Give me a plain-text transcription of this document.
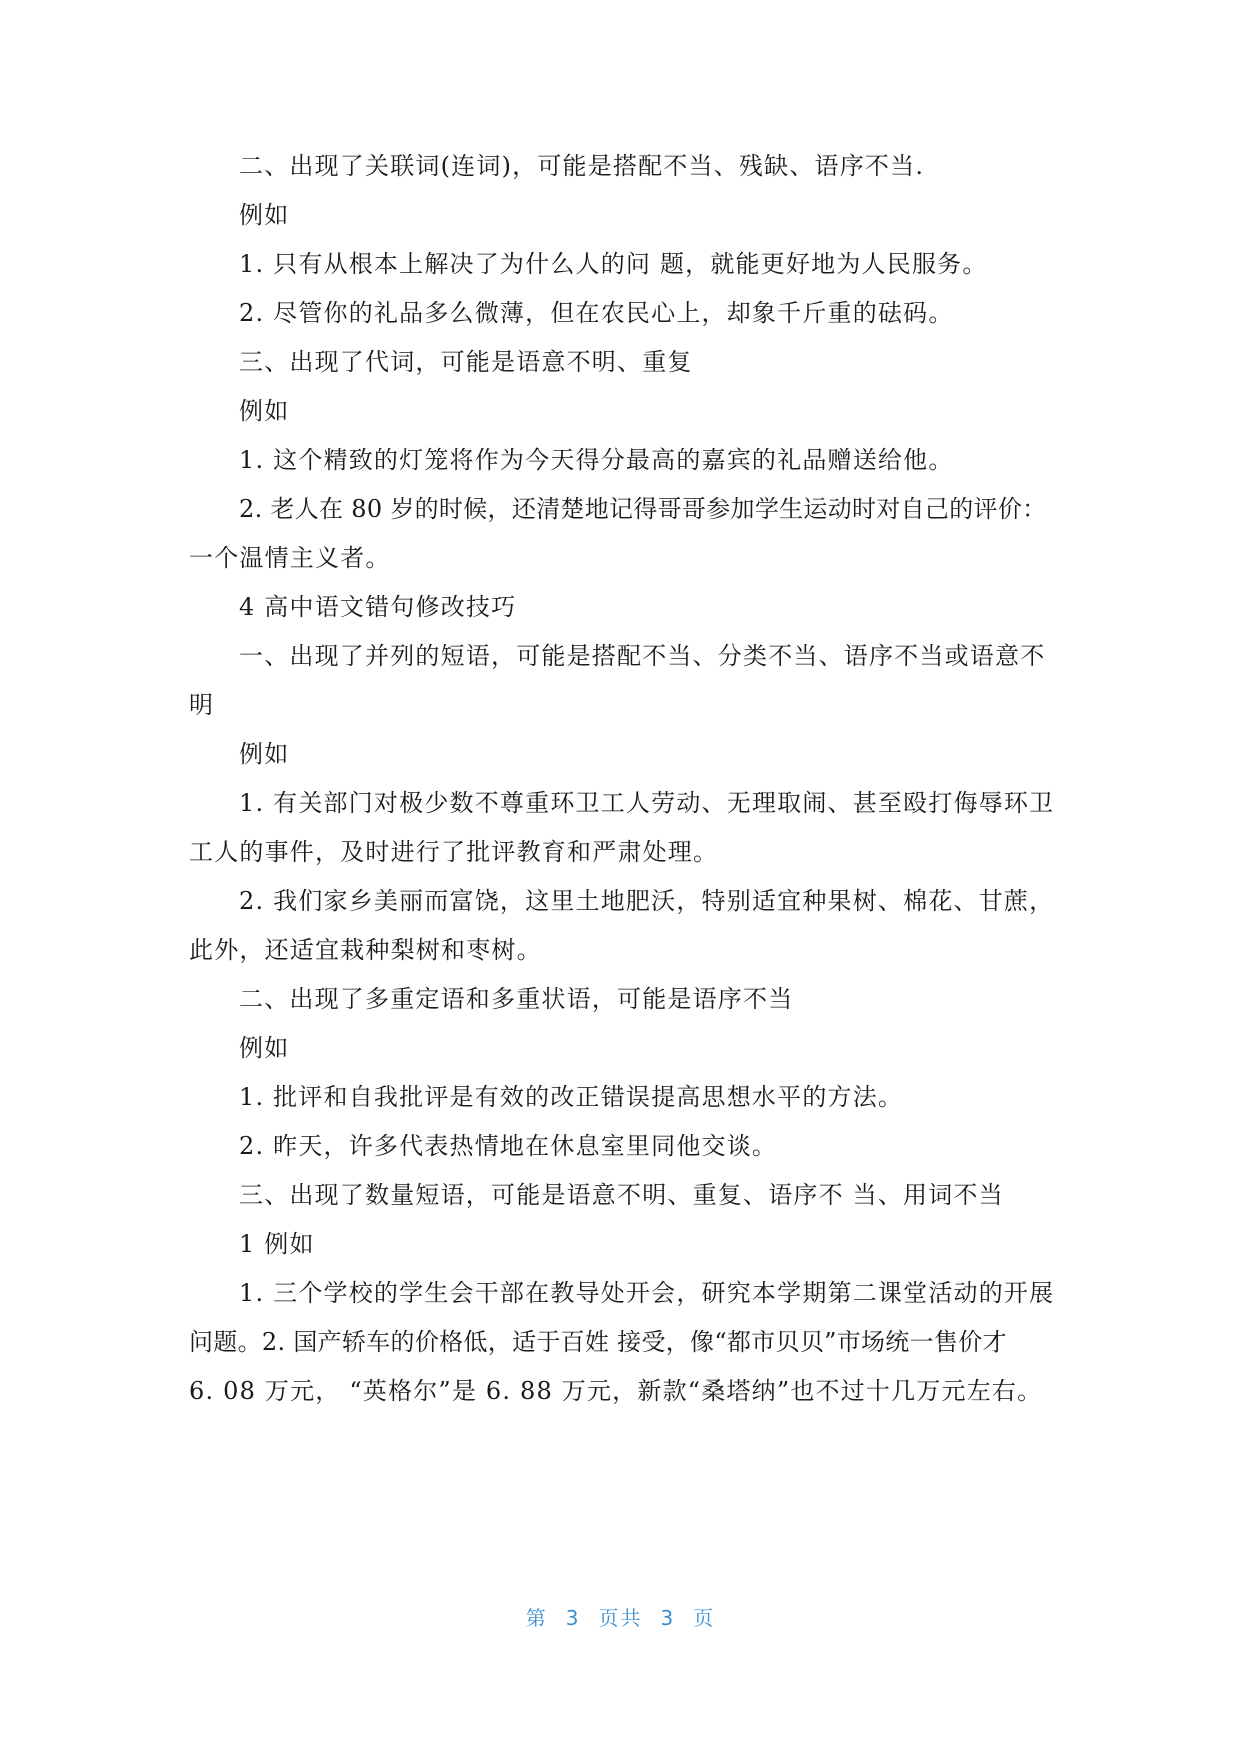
二、出现了关联词(连词)，可能是搭配不当、残缺、语序不当.

例如

1. 只有从根本上解决了为什么人的问 题，就能更好地为人民服务。

2. 尽管你的礼品多么微薄，但在农民心上，却象千斤重的砝码。

三、出现了代词，可能是语意不明、重复

例如

1. 这个精致的灯笼将作为今天得分最高的嘉宾的礼品赠送给他。

2. 老人在 80 岁的时候，还清楚地记得哥哥参加学生运动时对自己的评价：

一个温情主义者。

4 高中语文错句修改技巧

一、出现了并列的短语，可能是搭配不当、分类不当、语序不当或语意不

明

例如

1. 有关部门对极少数不尊重环卫工人劳动、无理取闹、甚至殴打侮辱环卫

工人的事件，及时进行了批评教育和严肃处理。

2. 我们家乡美丽而富饶，这里土地肥沃，特别适宜种果树、棉花、甘蔗，

此外，还适宜栽种梨树和枣树。

二、出现了多重定语和多重状语，可能是语序不当

例如

1. 批评和自我批评是有效的改正错误提高思想水平的方法。

2. 昨天，许多代表热情地在休息室里同他交谈。

三、出现了数量短语，可能是语意不明、重复、语序不 当、用词不当

1 例如

1. 三个学校的学生会干部在教导处开会，研究本学期第二课堂活动的开展

问题。2. 国产轿车的价格低，适于百姓 接受，像“都市贝贝”市场统一售价才

6. 08 万元， “英格尔”是 6. 88 万元，新款“桑塔纳”也不过十几万元左右。

第 3 页共 3 页
